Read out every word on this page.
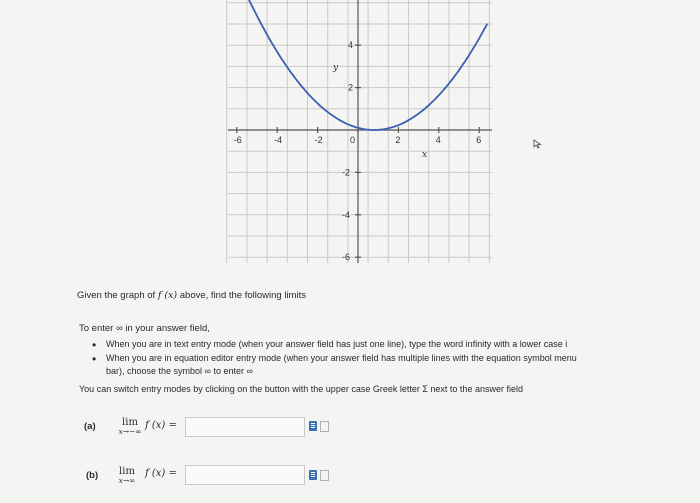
-6	-4	-2	0	2	4	6
4
2
-2
-4
-6
x
y
Given the graph of f (x) above, find the following limits
To enter ∞ in your answer field,
• When you are in text entry mode (when your answer field has just one line), type the word infinity with a lower case i
• When you are in equation editor entry mode (when your answer field has multiple lines with the equation symbol menu
bar), choose the symbol ∞ to enter ∞
You can switch entry modes by clicking on the button with the upper case Greek letter Σ next to the answer field
(a)	lim
x→−∞
f (x) =
(b)	lim
x→∞
f (x) =
